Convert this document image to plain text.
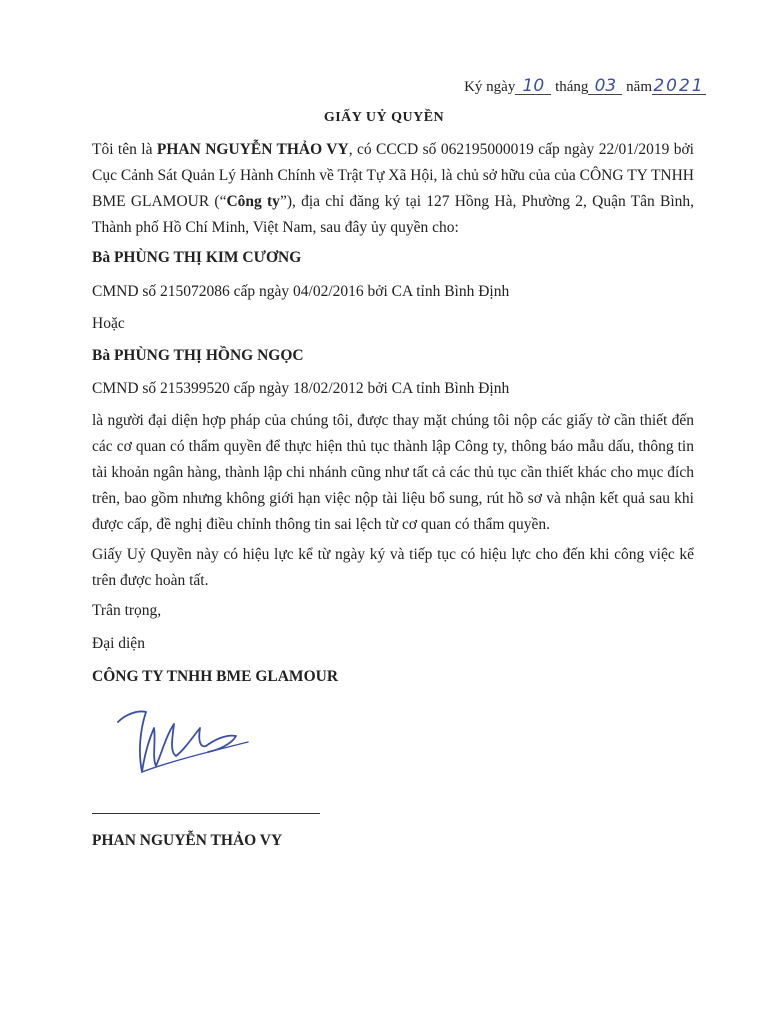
Ký ngày 10 tháng 03 năm2021
GIẤY UỶ QUYỀN
Tôi tên là PHAN NGUYỄN THẢO VY, có CCCD số 062195000019 cấp ngày 22/01/2019 bởi Cục Cảnh Sát Quản Lý Hành Chính về Trật Tự Xã Hội, là chủ sở hữu của của CÔNG TY TNHH BME GLAMOUR (“Công ty”), địa chỉ đăng ký tại 127 Hồng Hà, Phường 2, Quận Tân Bình, Thành phố Hồ Chí Minh, Việt Nam, sau đây ủy quyền cho:
Bà PHÙNG THỊ KIM CƯƠNG
CMND số 215072086 cấp ngày 04/02/2016 bởi CA tỉnh Bình Định
Hoặc
Bà PHÙNG THỊ HỒNG NGỌC
CMND số 215399520 cấp ngày 18/02/2012 bởi CA tỉnh Bình Định
là người đại diện hợp pháp của chúng tôi, được thay mặt chúng tôi nộp các giấy tờ cần thiết đến các cơ quan có thẩm quyền để thực hiện thủ tục thành lập Công ty, thông báo mẫu dấu, thông tin tài khoản ngân hàng, thành lập chi nhánh cũng như tất cả các thủ tục cần thiết khác cho mục đích trên, bao gồm nhưng không giới hạn việc nộp tài liệu bổ sung, rút hồ sơ và nhận kết quả sau khi được cấp, đề nghị điều chỉnh thông tin sai lệch từ cơ quan có thẩm quyền.
Giấy Uỷ Quyền này có hiệu lực kể từ ngày ký và tiếp tục có hiệu lực cho đến khi công việc kể trên được hoàn tất.
Trân trọng,
Đại diện
CÔNG TY TNHH BME GLAMOUR
PHAN NGUYỄN THẢO VY
